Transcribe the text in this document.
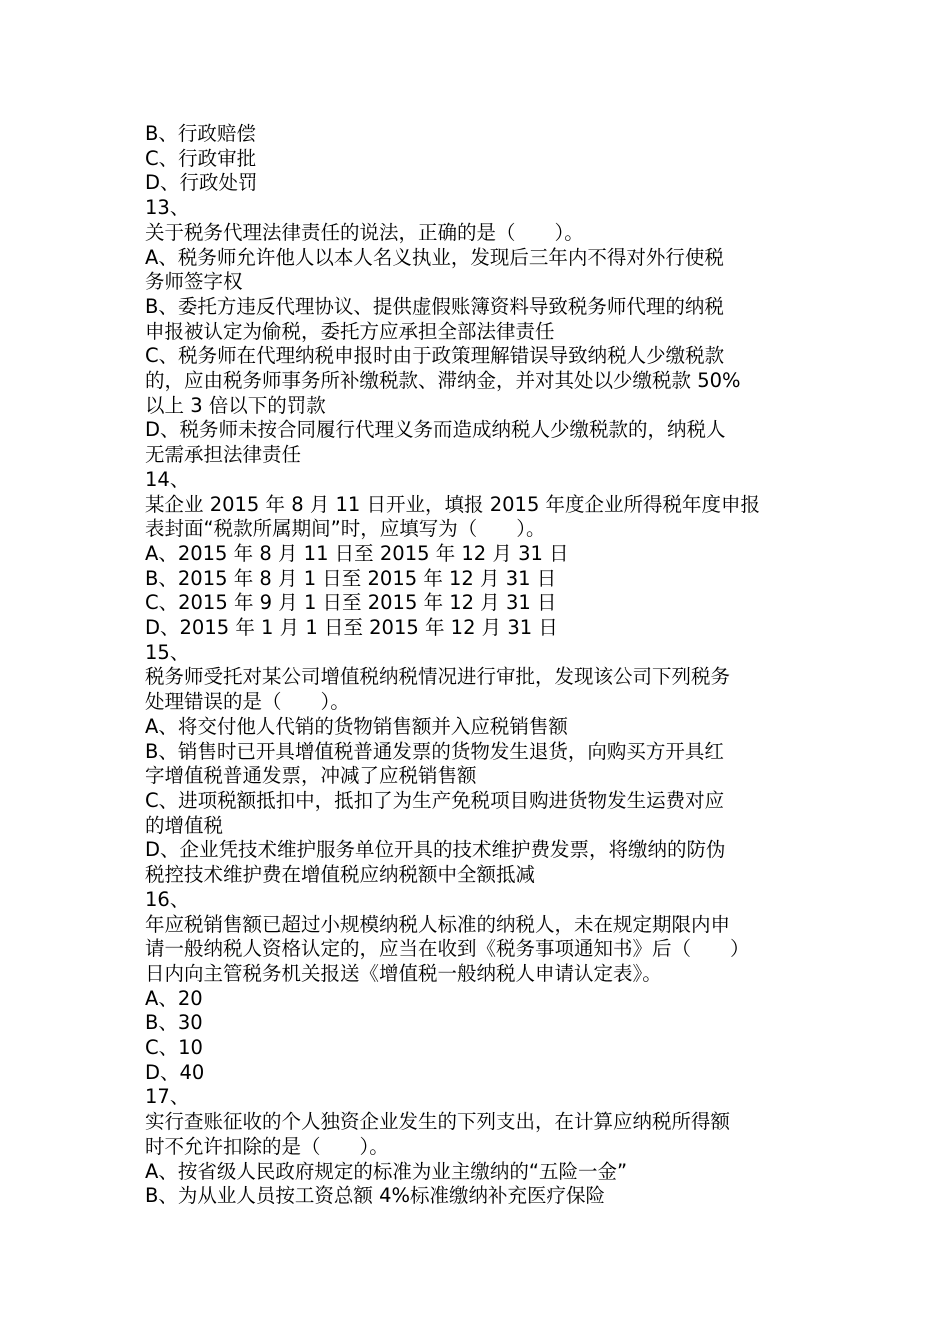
B、行政赔偿

C、行政审批

D、行政处罚

13、

关于税务代理法律责任的说法，正确的是（　　）。

A、税务师允许他人以本人名义执业，发现后三年内不得对外行使税

务师签字权

B、委托方违反代理协议、提供虚假账簿资料导致税务师代理的纳税

申报被认定为偷税，委托方应承担全部法律责任

C、税务师在代理纳税申报时由于政策理解错误导致纳税人少缴税款

的，应由税务师事务所补缴税款、滞纳金，并对其处以少缴税款 50%

以上 3 倍以下的罚款

D、税务师未按合同履行代理义务而造成纳税人少缴税款的，纳税人

无需承担法律责任

14、

某企业 2015 年 8 月 11 日开业，填报 2015 年度企业所得税年度申报

表封面“税款所属期间”时，应填写为（　　）。

A、2015 年 8 月 11 日至 2015 年 12 月 31 日

B、2015 年 8 月 1 日至 2015 年 12 月 31 日

C、2015 年 9 月 1 日至 2015 年 12 月 31 日

D、2015 年 1 月 1 日至 2015 年 12 月 31 日

15、

税务师受托对某公司增值税纳税情况进行审批，发现该公司下列税务

处理错误的是（　　）。

A、将交付他人代销的货物销售额并入应税销售额

B、销售时已开具增值税普通发票的货物发生退货，向购买方开具红

字增值税普通发票，冲减了应税销售额

C、进项税额抵扣中，抵扣了为生产免税项目购进货物发生运费对应

的增值税

D、企业凭技术维护服务单位开具的技术维护费发票，将缴纳的防伪

税控技术维护费在增值税应纳税额中全额抵减

16、

年应税销售额已超过小规模纳税人标准的纳税人，未在规定期限内申

请一般纳税人资格认定的，应当在收到《税务事项通知书》后（　　）

日内向主管税务机关报送《增值税一般纳税人申请认定表》。

A、20

B、30

C、10

D、40

17、

实行查账征收的个人独资企业发生的下列支出，在计算应纳税所得额

时不允许扣除的是（　　）。

A、按省级人民政府规定的标准为业主缴纳的“五险一金”

B、为从业人员按工资总额 4%标准缴纳补充医疗保险
